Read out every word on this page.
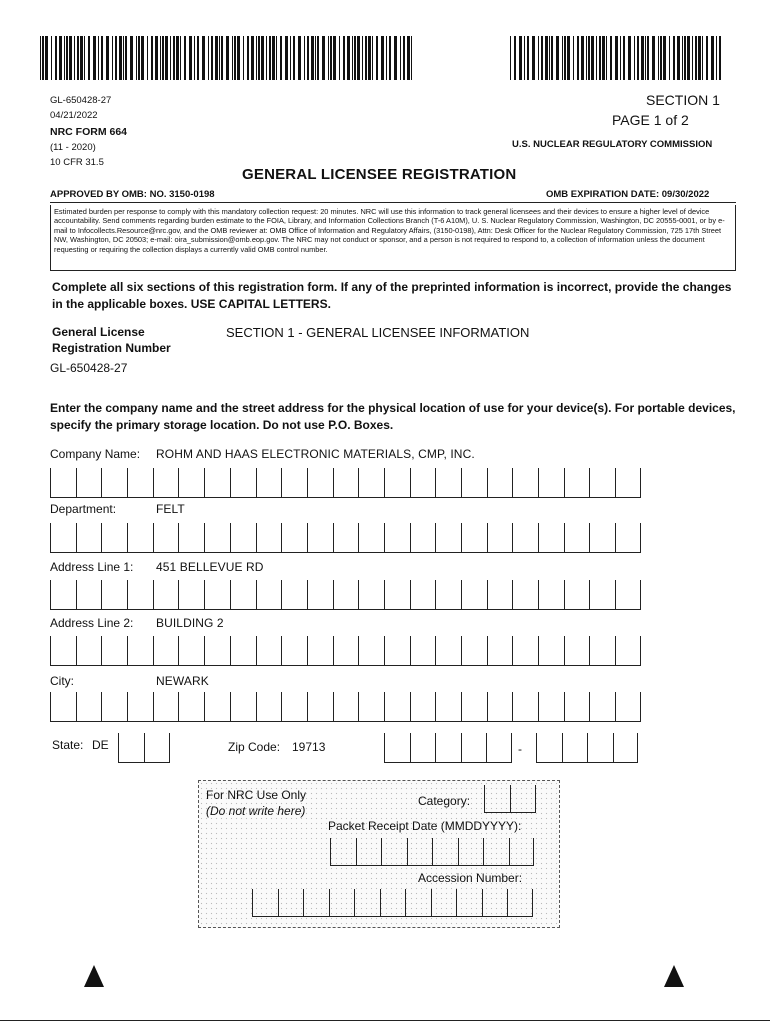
GL-650428-27
04/21/2022
NRC FORM 664
(11 - 2020)
10 CFR 31.5
SECTION 1
PAGE 1 of 2
U.S. NUCLEAR REGULATORY COMMISSION
GENERAL LICENSEE REGISTRATION
APPROVED BY OMB: NO. 3150-0198	OMB EXPIRATION DATE: 09/30/2022
Estimated burden per response to comply with this mandatory collection request: 20 minutes. NRC will use this information to track general licensees and their devices to ensure a higher level of device accountability. Send comments regarding burden estimate to the FOIA, Library, and Information Collections Branch (T-6 A10M), U. S. Nuclear Regulatory Commission, Washington, DC 20555-0001, or by e-mail to Infocollects.Resource@nrc.gov, and the OMB reviewer at: OMB Office of Information and Regulatory Affairs, (3150-0198), Attn: Desk Officer for the Nuclear Regulatory Commission, 725 17th Street NW, Washington, DC 20503; e-mail: oira_submission@omb.eop.gov. The NRC may not conduct or sponsor, and a person is not required to respond to, a collection of information unless the document requesting or requiring the collection displays a currently valid OMB control number.
Complete all six sections of this registration form. If any of the preprinted information is incorrect, provide the changes in the applicable boxes. USE CAPITAL LETTERS.
General License
Registration Number
GL-650428-27
SECTION 1 - GENERAL LICENSEE INFORMATION
Enter the company name and the street address for the physical location of use for your device(s). For portable devices, specify the primary storage location. Do not use P.O. Boxes.
Company Name: ROHM AND HAAS ELECTRONIC MATERIALS, CMP, INC.
Department:	FELT
Address Line 1: 451 BELLEVUE RD
Address Line 2: BUILDING 2
City:	NEWARK
State: DE	Zip Code: 19713	-
For NRC Use Only
(Do not write here)
Category:
Packet Receipt Date (MMDDYYYY):
Accession Number:
